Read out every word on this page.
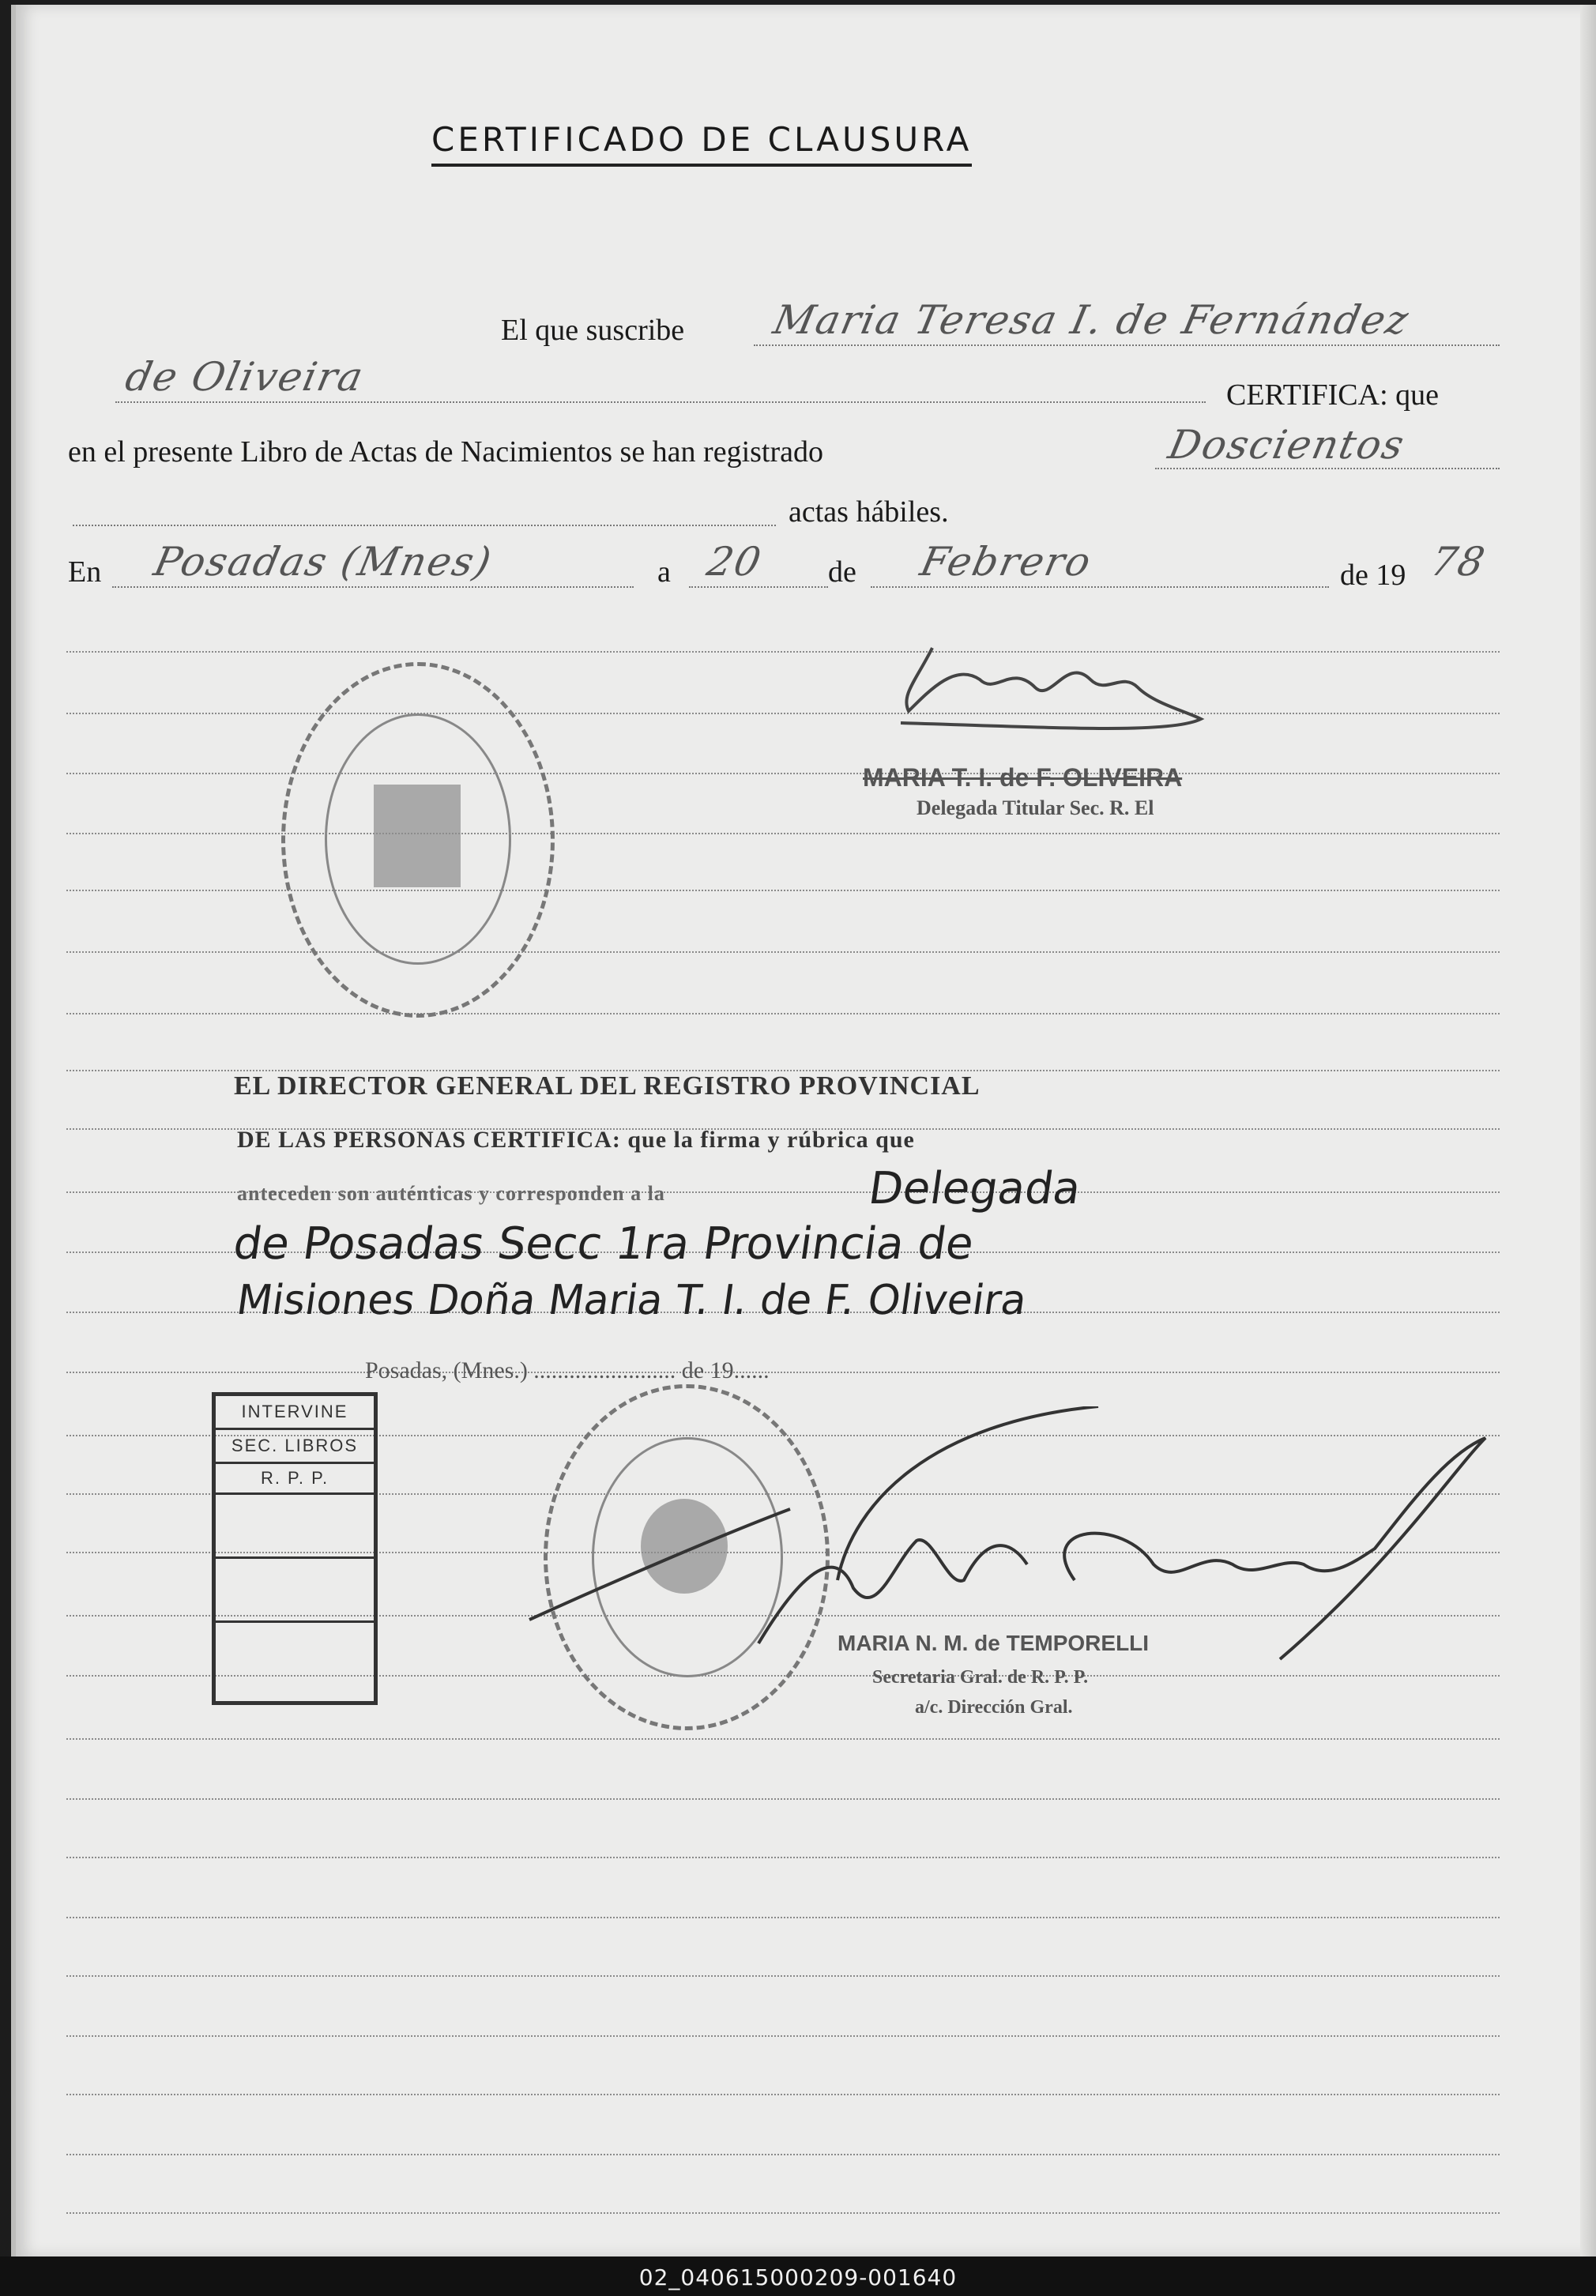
CERTIFICADO DE CLAUSURA
El que suscribe Maria Teresa I. de Fernández
de Oliveira	CERTIFICA: que
en el presente Libro de Actas de Nacimientos se han registrado	Doscientos
actas hábiles.
En Posadas (Mnes)	a 20 de Febrero	de 19 78
MARIA T. I. de F. OLIVEIRA
Delegada Titular Sec. R. El
EL DIRECTOR GENERAL DEL REGISTRO PROVINCIAL
DE LAS PERSONAS CERTIFICA: que la firma y rúbrica que
anteceden son auténticas y corresponden a la	Delegada
de Posadas Secc 1ra Provincia de
Misiones Doña Maria T. I. de F. Oliveira
Posadas, (Mnes.) ........................ de 19......
INTERVINE
SEC. LIBROS
R. P. P.
MARIA N. M. de TEMPORELLI
Secretaria Gral. de R. P. P.
a/c. Dirección Gral.
02_040615000209-001640
